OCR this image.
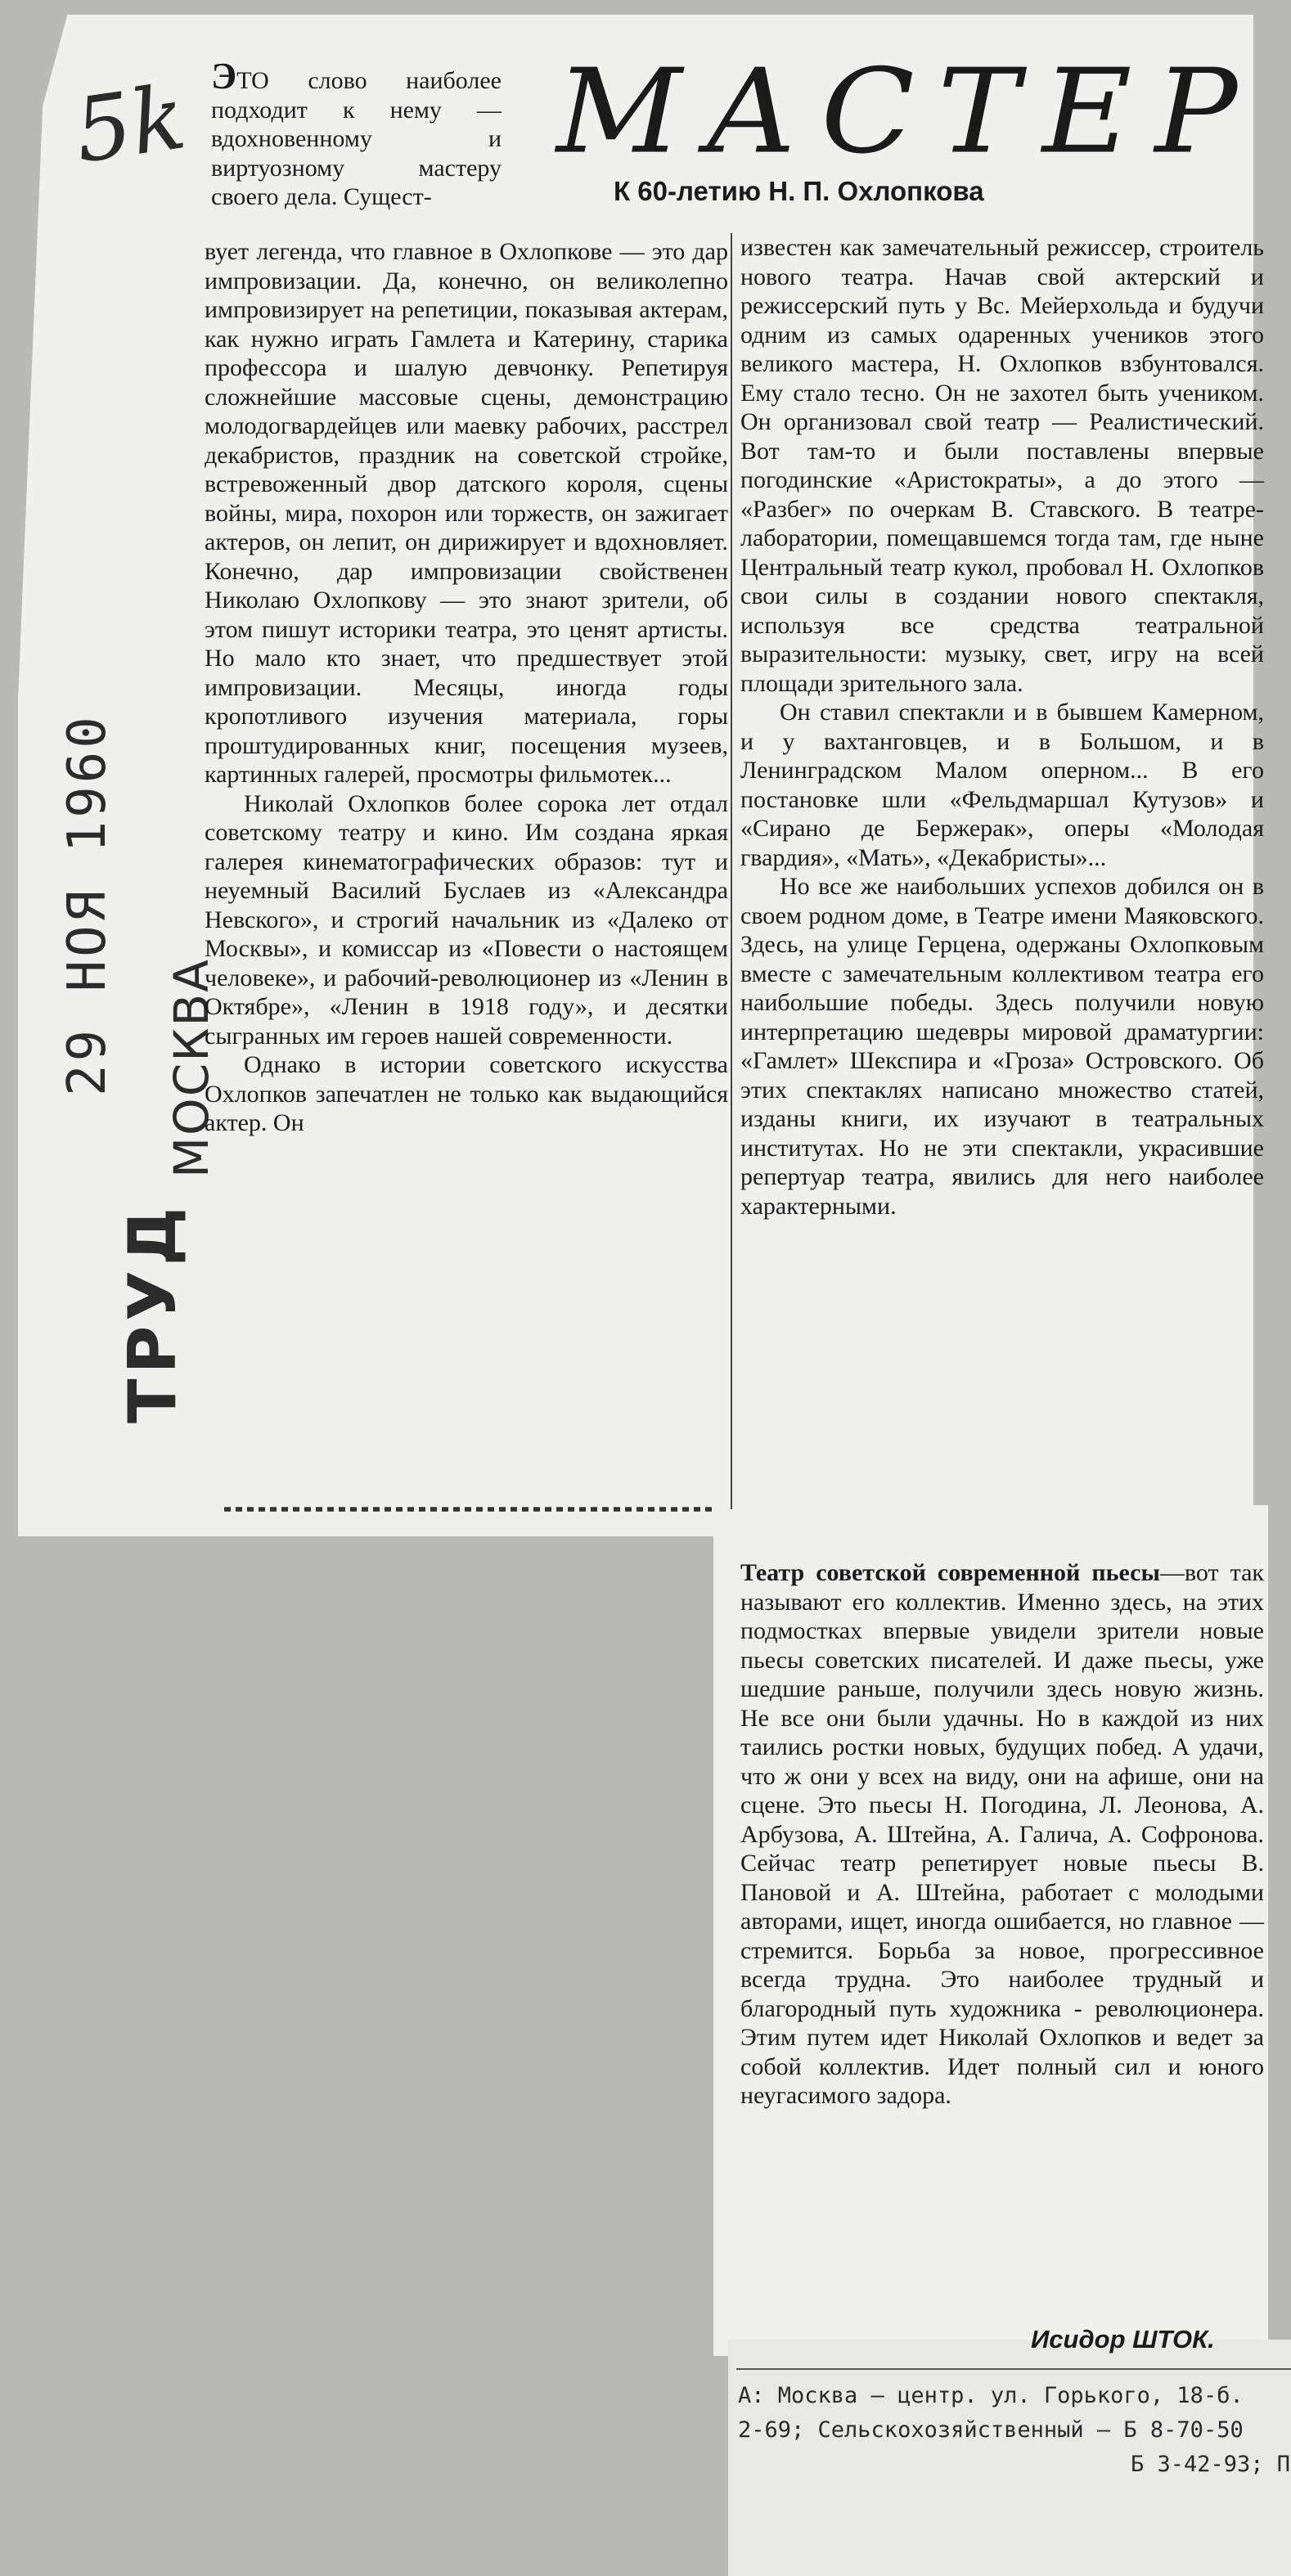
5k
29 НОЯ 1960
ТРУД
МОСКВА
МАСТЕР
К 60-летию Н. П. Охлопкова
ЭТО слово наиболее подходит к нему — вдохновенному и виртуозному мастеру своего дела. Сущест-

вует легенда, что главное в Охлопкове — это дар импровизации. Да, конечно, он великолепно импровизирует на репетиции, показывая актерам, как нужно играть Гамлета и Катерину, старика профессора и шалую девчонку. Репетируя сложнейшие массовые сцены, демонстрацию молодогвардейцев или маевку рабочих, расстрел декабристов, праздник на советской стройке, встревоженный двор датского короля, сцены войны, мира, похорон или торжеств, он зажигает актеров, он лепит, он дирижирует и вдохновляет. Конечно, дар импровизации свойственен Николаю Охлопкову — это знают зрители, об этом пишут историки театра, это ценят артисты. Но мало кто знает, что предшествует этой импровизации. Месяцы, иногда годы кропотливого изучения материала, горы проштудированных книг, посещения музеев, картинных галерей, просмотры фильмотек...

Николай Охлопков более сорока лет отдал советскому театру и кино. Им создана яркая галерея кинематографических образов: тут и неуемный Василий Буслаев из «Александра Невского», и строгий начальник из «Далеко от Москвы», и комиссар из «Повести о настоящем человеке», и рабочий-революционер из «Ленин в Октябре», «Ленин в 1918 году», и десятки сыгранных им героев нашей современности.

Однако в истории советского искусства Охлопков запечатлен не только как выдающийся актер. Он

известен как замечательный режиссер, строитель нового театра. Начав свой актерский и режиссерский путь у Вс. Мейерхольда и будучи одним из самых одаренных учеников этого великого мастера, Н. Охлопков взбунтовался. Ему стало тесно. Он не захотел быть учеником. Он организовал свой театр — Реалистический. Вот там-то и были поставлены впервые погодинские «Аристократы», а до этого — «Разбег» по очеркам В. Ставского. В театре-лаборатории, помещавшемся тогда там, где ныне Центральный театр кукол, пробовал Н. Охлопков свои силы в создании нового спектакля, используя все средства театральной выразительности: музыку, свет, игру на всей площади зрительного зала.

Он ставил спектакли и в бывшем Камерном, и у вахтанговцев, и в Большом, и в Ленинградском Малом оперном... В его постановке шли «Фельдмаршал Кутузов» и «Сирано де Бержерак», оперы «Молодая гвардия», «Мать», «Декабристы»...

Но все же наибольших успехов добился он в своем родном доме, в Театре имени Маяковского. Здесь, на улице Герцена, одержаны Охлопковым вместе с замечательным коллективом театра его наибольшие победы. Здесь получили новую интерпретацию шедевры мировой драматургии: «Гамлет» Шекспира и «Гроза» Островского. Об этих спектаклях написано множество статей, изданы книги, их изучают в театральных институтах. Но не эти спектакли, украсившие репертуар театра, явились для него наиболее характерными.

Театр советской современной пьесы—вот так называют его коллектив. Именно здесь, на этих подмостках впервые увидели зрители новые пьесы советских писателей. И даже пьесы, уже шедшие раньше, получили здесь новую жизнь. Не все они были удачны. Но в каждой из них таились ростки новых, будущих побед. А удачи, что ж они у всех на виду, они на афише, они на сцене. Это пьесы Н. Погодина, Л. Леонова, А. Арбузова, А. Штейна, А. Галича, А. Софронова. Сейчас театр репетирует новые пьесы В. Пановой и А. Штейна, работает с молодыми авторами, ищет, иногда ошибается, но главное — стремится. Борьба за новое, прогрессивное всегда трудна. Это наиболее трудный и благородный путь художника - революционера. Этим путем идет Николай Охлопков и ведет за собой коллектив. Идет полный сил и юного неугасимого задора.

Исидор ШТОК.
А: Москва — центр. ул. Горького, 18-б.
2-69; Сельскохозяйственный — Б 8-70-50
Б 3-42-93; П
